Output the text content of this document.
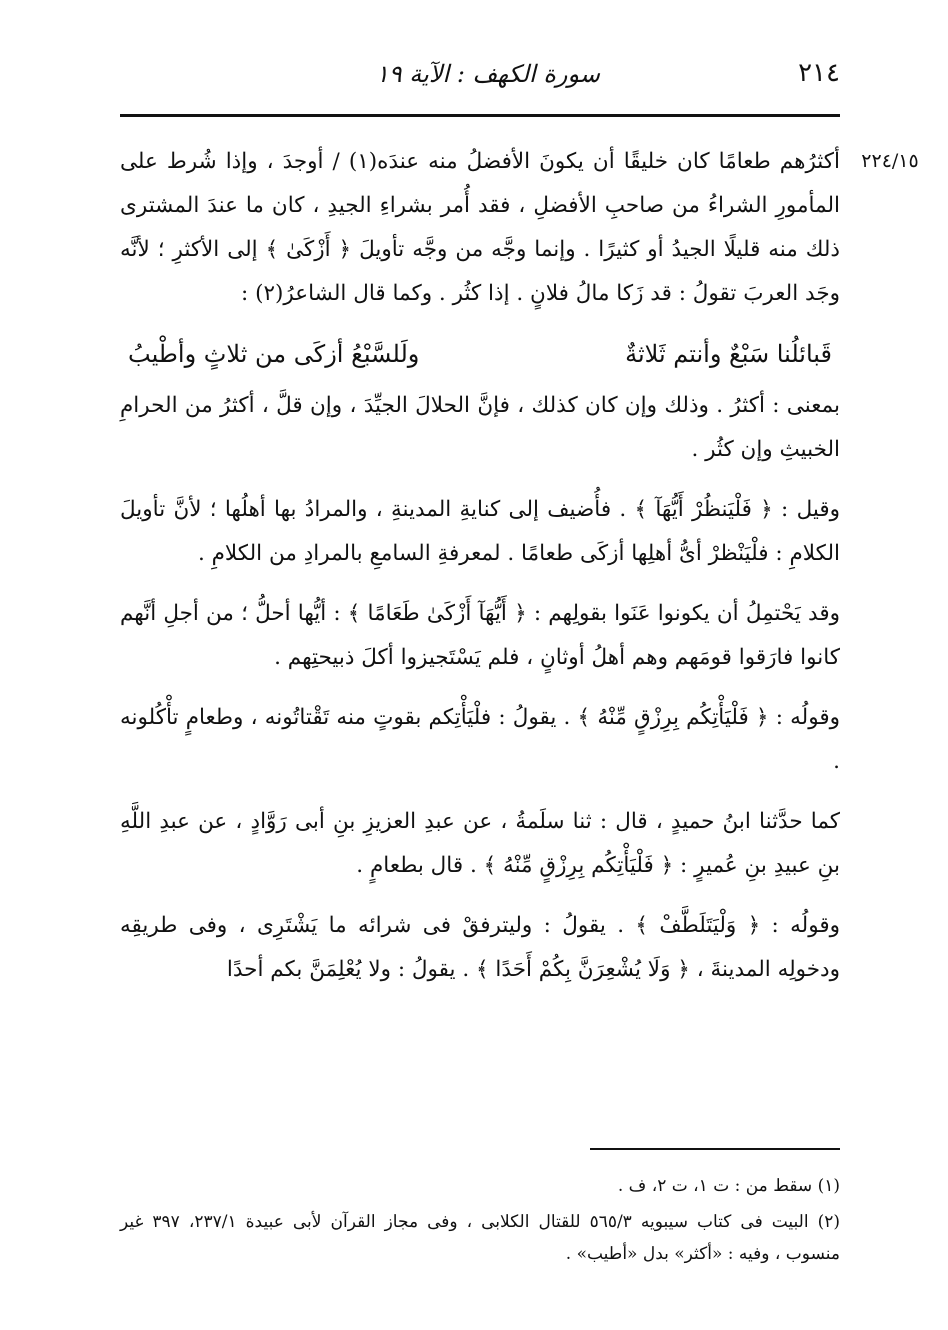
٢١٤
سورة الكهف : الآية ١٩
٢٢٤/١٥

أكثرُهم طعامًا كان خليقًا أن يكونَ الأفضلُ منه عندَه(١) / أوجدَ ، وإذا شُرط على المأمورِ الشراءُ من صاحبِ الأفضلِ ، فقد أُمر بشراءِ الجيدِ ، كان ما عندَ المشترى ذلك منه قليلًا الجيدُ أو كثيرًا . وإنما وجَّه من وجَّه تأويلَ ﴿ أَزْكَىٰ ﴾ إلى الأكثرِ ؛ لأنَّه وجَد العربَ تقولُ : قد زَكا مالُ فلانٍ . إذا كثُر . وكما قال الشاعرُ(٢) :

قَبائلُنا سَبْعٌ وأنتم ثَلاثةٌ
ولَلسَّبْعُ أزكَى من ثلاثٍ وأطْيبُ

بمعنى : أكثرُ . وذلك وإن كان كذلك ، فإنَّ الحلالَ الجيِّدَ ، وإن قلَّ ، أكثرُ من الحرامِ الخبيثِ وإن كثُر .

وقيل : ﴿ فَلْيَنظُرْ أَيُّهَآ ﴾ . فأُضيف إلى كنايةِ المدينةِ ، والمرادُ بها أهلُها ؛ لأنَّ تأويلَ الكلامِ : فلْيَنْظرْ أىُّ أهلِها أزكَى طعامًا . لمعرفةِ السامعِ بالمرادِ من الكلامِ .

وقد يَحْتمِلُ أن يكونوا عَنَوا بقولِهم : ﴿ أَيُّهَآ أَزْكَىٰ طَعَامًا ﴾ : أيُّها أحلُّ ؛ من أجلِ أنَّهم كانوا فارَقوا قومَهم وهم أهلُ أوثانٍ ، فلم يَسْتَجيزوا أكلَ ذبيحتِهم .

وقولُه : ﴿ فَلْيَأْتِكُم بِرِزْقٍ مِّنْهُ ﴾ . يقولُ : فلْيَأْتِكم بقوتٍ منه تَقْتاتُونه ، وطعامٍ تأْكُلونه .

كما حدَّثنا ابنُ حميدٍ ، قال : ثنا سلَمةُ ، عن عبدِ العزيزِ بنِ أبى رَوَّادٍ ، عن عبدِ اللَّهِ بنِ عبيدِ بنِ عُميرٍ : ﴿ فَلْيَأْتِكُم بِرِزْقٍ مِّنْهُ ﴾ . قال بطعامٍ .

وقولُه : ﴿ وَلْيَتَلَطَّفْ ﴾ . يقولُ : وليترفقْ فى شرائه ما يَشْتَرِى ، وفى طريقِه ودخولِه المدينةَ ، ﴿ وَلَا يُشْعِرَنَّ بِكُمْ أَحَدًا ﴾ . يقولُ : ولا يُعْلِمَنَّ بكم أحدًا

(١) سقط من : ت ١، ت ٢، ف .

(٢) البيت فى كتاب سيبويه ٥٦٥/٣ للقتال الكلابى ، وفى مجاز القرآن لأبى عبيدة ٢٣٧/١، ٣٩٧ غير منسوب ، وفيه : «أكثر» بدل «أطيب» .
